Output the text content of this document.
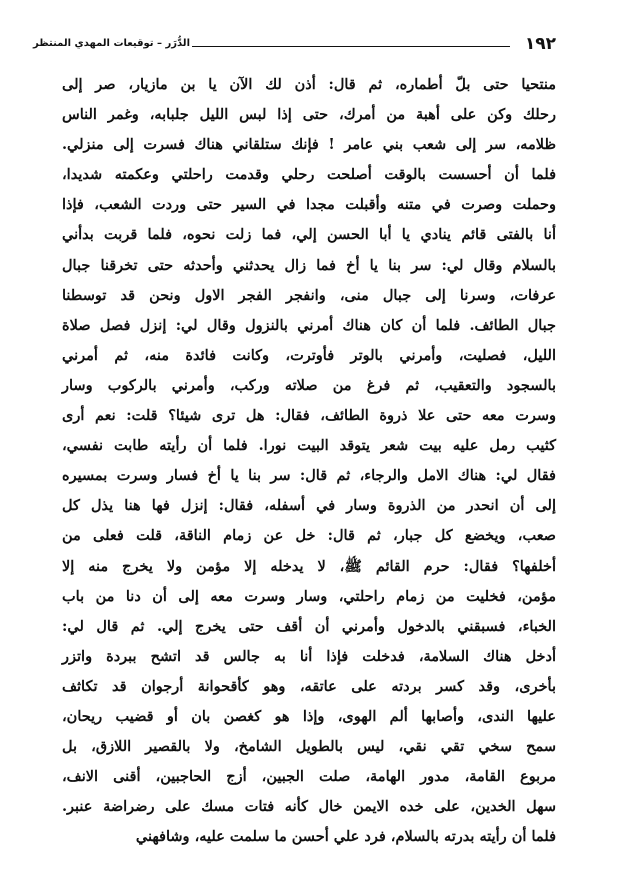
١٩٢
الدُّرَر – توقيعات المهدي المنتظر
منتحيا حتى بلّ أطماره، ثم قال: أذن لك الآن يا بن مازيار، صر إلى
رحلك وكن على أهبة من أمرك، حتى إذا لبس الليل جلبابه، وغمر الناس
ظلامه، سر إلى شعب بني عامر ! فإنك ستلقاني هناك فسرت إلى منزلي.
فلما أن أحسست بالوقت أصلحت رحلي وقدمت راحلتي وعكمته شديدا،
وحملت وصرت في متنه وأقبلت مجدا في السير حتى وردت الشعب، فإذا
أنا بالفتى قائم ينادي يا أبا الحسن إلي، فما زلت نحوه، فلما قربت بدأني
بالسلام وقال لي: سر بنا يا أخ فما زال يحدثني وأحدثه حتى تخرقنا جبال
عرفات، وسرنا إلى جبال منى، وانفجر الفجر الاول ونحن قد توسطنا
جبال الطائف. فلما أن كان هناك أمرني بالنزول وقال لي: إنزل فصل صلاة
الليل، فصليت، وأمرني بالوتر فأوترت، وكانت فائدة منه، ثم أمرني
بالسجود والتعقيب، ثم فرغ من صلاته وركب، وأمرني بالركوب وسار
وسرت معه حتى علا ذروة الطائف، فقال: هل ترى شيئا؟ قلت: نعم أرى
كثيب رمل عليه بيت شعر يتوقد البيت نورا. فلما أن رأيته طابت نفسي،
فقال لي: هناك الامل والرجاء، ثم قال: سر بنا يا أخ فسار وسرت بمسيره
إلى أن انحدر من الذروة وسار في أسفله، فقال: إنزل فها هنا يذل كل
صعب، ويخضع كل جبار، ثم قال: خل عن زمام الناقة، قلت فعلى من
أخلفها؟ فقال: حرم القائم ﷺ، لا يدخله إلا مؤمن ولا يخرج منه إلا
مؤمن، فخليت من زمام راحلتي، وسار وسرت معه إلى أن دنا من باب
الخباء، فسبقني بالدخول وأمرني أن أقف حتى يخرج إلي. ثم قال لي:
أدخل هناك السلامة، فدخلت فإذا أنا به جالس قد اتشح ببردة واتزر
بأخرى، وقد كسر بردته على عاتقه، وهو كأقحوانة أرجوان قد تكاثف
عليها الندى، وأصابها ألم الهوى، وإذا هو كغصن بان أو قضيب ريحان،
سمح سخي تقي نقي، ليس بالطويل الشامخ، ولا بالقصير اللازق، بل
مربوع القامة، مدور الهامة، صلت الجبين، أزج الحاجبين، أقنى الانف،
سهل الخدين، على خده الايمن خال كأنه فتات مسك على رضراضة عنبر.
فلما أن رأيته بدرته بالسلام، فرد علي أحسن ما سلمت عليه، وشافهني
